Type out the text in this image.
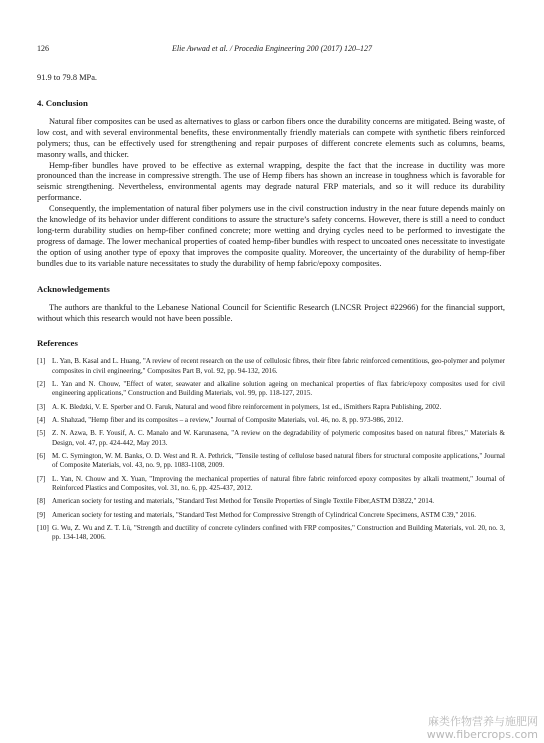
126	Elie Awwad et al. / Procedia Engineering 200 (2017) 120–127

91.9 to 79.8 MPa.

4. Conclusion

Natural fiber composites can be used as alternatives to glass or carbon fibers once the durability concerns are mitigated. Being waste, of low cost, and with several environmental benefits, these environmentally friendly materials can compete with synthetic fibers reinforced polymers; thus, can be effectively used for strengthening and repair purposes of different concrete elements such as columns, beams, masonry walls, and thicker.

Hemp-fiber bundles have proved to be effective as external wrapping, despite the fact that the increase in ductility was more pronounced than the increase in compressive strength. The use of Hemp fibers has shown an increase in toughness which is favorable for seismic strengthening. Nevertheless, environmental agents may degrade natural FRP materials, and so it will reduce its durability performance.

Consequently, the implementation of natural fiber polymers use in the civil construction industry in the near future depends mainly on the knowledge of its behavior under different conditions to assure the structure’s safety concerns. However, there is still a need to conduct long-term durability studies on hemp-fiber confined concrete; more wetting and drying cycles need to be performed to investigate the progress of damage. The lower mechanical properties of coated hemp-fiber bundles with respect to uncoated ones necessitate to investigate the option of using another type of epoxy that improves the composite quality. Moreover, the uncertainty of the durability of hemp-fiber bundles due to its variable nature necessitates to study the durability of hemp fabric/epoxy composites.

Acknowledgements

The authors are thankful to the Lebanese National Council for Scientific Research (LNCSR Project #22966) for the financial support, without which this research would not have been possible.

References
[1] L. Yan, B. Kasal and L. Huang, "A review of recent research on the use of cellulosic fibres, their fibre fabric reinforced cementitious, geo-polymer and polymer composites in civil engineering," Composites Part B, vol. 92, pp. 94-132, 2016.
[2] L. Yan and N. Chouw, "Effect of water, seawater and alkaline solution ageing on mechanical properties of flax fabric/epoxy composites used for civil engineering applications," Construction and Building Materials, vol. 99, pp. 118-127, 2015.
[3] A. K. Bledzki, V. E. Sperber and O. Faruk, Natural and wood fibre reinforcement in polymers, 1st ed., iSmithers Rapra Publishing, 2002.
[4] A. Shahzad, "Hemp fiber and its composites – a review," Journal of Composite Materials, vol. 46, no. 8, pp. 973-986, 2012.
[5] Z. N. Azwa, B. F. Yousif, A. C. Manalo and W. Karunasena, "A review on the degradability of polymeric composites based on natural fibres," Materials & Design, vol. 47, pp. 424-442, May 2013.
[6] M. C. Symington, W. M. Banks, O. D. West and R. A. Pethrick, "Tensile testing of cellulose based natural fibers for structural composite applications," Journal of Composite Materials, vol. 43, no. 9, pp. 1083-1108, 2009.
[7] L. Yan, N. Chouw and X. Yuan, "Improving the mechanical properties of natural fibre fabric reinforced epoxy composites by alkali treatment," Journal of Reinforced Plastics and Composites, vol. 31, no. 6, pp. 425-437, 2012.
[8] American society for testing and materials, "Standard Test Method for Tensile Properties of Single Textile Fiber,ASTM D3822," 2014.
[9] American society for testing and materials, "Standard Test Method for Compressive Strength of Cylindrical Concrete Specimens, ASTM C39," 2016.
[10] G. Wu, Z. Wu and Z. T. Lü, "Strength and ductility of concrete cylinders confined with FRP composites," Construction and Building Materials, vol. 20, no. 3, pp. 134-148, 2006.
麻类作物营养与施肥网
www.fibercrops.com
